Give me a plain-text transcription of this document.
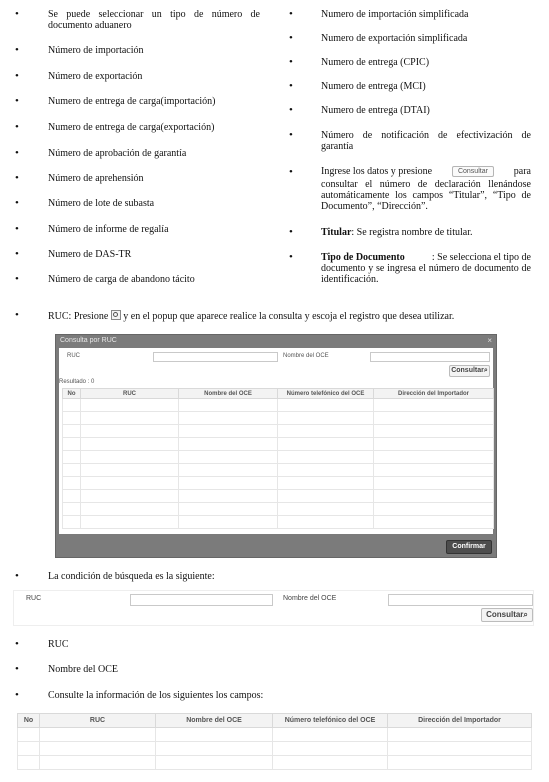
•	Se puede seleccionar un tipo de número de
documento aduanero
•	Número de importación
•	Número de exportación
•	Numero de entrega de carga(importación)
•	Numero de entrega de carga(exportación)
•	Número de aprobación de garantía
•	Número de aprehensión
•	Número de lote de subasta
•	Número de informe de regalía
•	Numero de DAS-TR
•	Número de carga de abandono tácito
•	Numero de importación simplificada
•	Numero de exportación simplificada
•	Numero de entrega (CPIC)
•	Numero de entrega (MCI)
•	Numero de entrega (DTAI)
•	Número de notificación de efectivización de
garantía
•	Ingrese los datos y presione	Consultar	para
consultar el número de declaración llenándose
automáticamente los campos “Titular”, “Tipo de
Documento”, “Dirección”.
•	Titular: Se registra nombre de titular.
•	Tipo de Documento	: Se selecciona el tipo de
documento y se ingresa el número de documento de
identificación.
•	RUC: Presione y en el popup que aparece realice la consulta y escoja el registro que desea utilizar.
Consulta por RUC	×
RUC	Nombre del OCE
Consultar⌕
Resultado : 0
No	RUC	Nombre del OCE	Número telefónico del OCE	Dirección del Importador

Confirmar
•	La condición de búsqueda es la siguiente:
RUC	Nombre del OCE
Consultar⌕
•	RUC
•	Nombre del OCE
•	Consulte la información de los siguientes los campos:
No	RUC	Nombre del OCE	Número telefónico del OCE	Dirección del Importador
